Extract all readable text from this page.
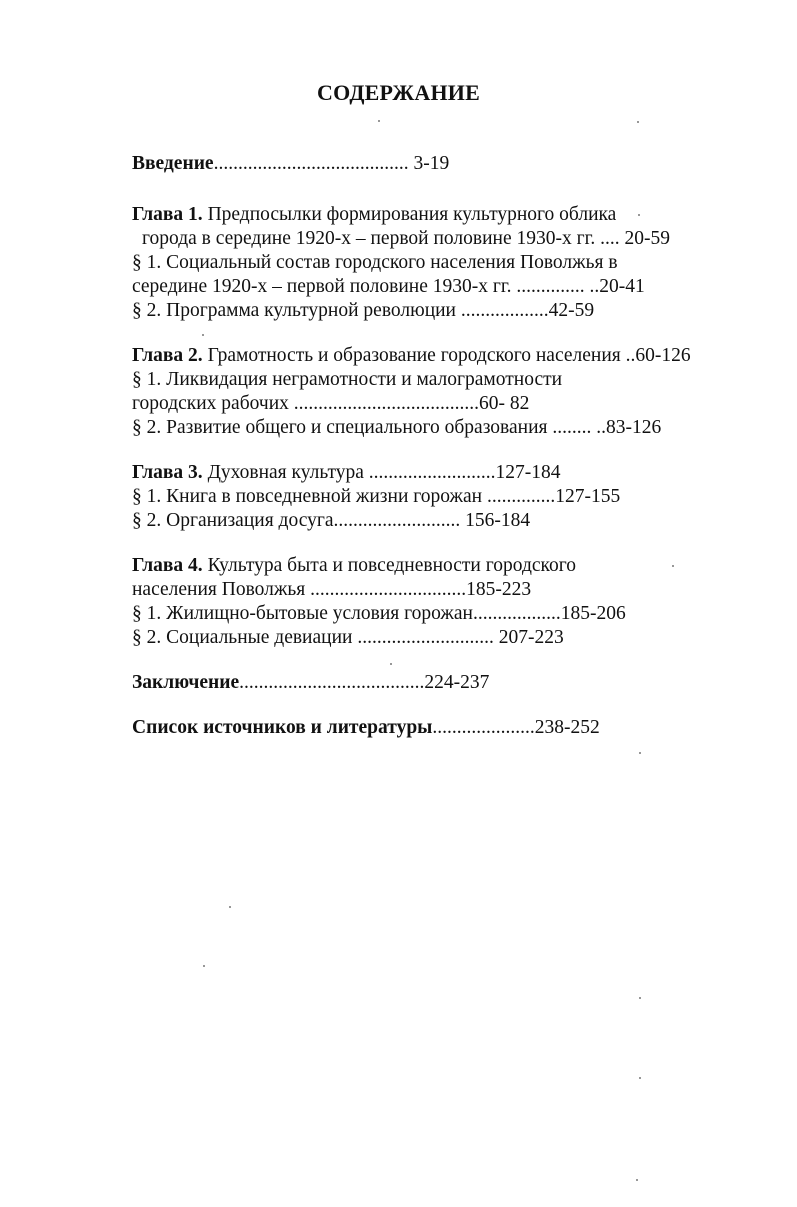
СОДЕРЖАНИЕ
Введение........................................ 3-19
Глава 1. Предпосылки формирования культурного облика
города в середине 1920-х – первой половине 1930-х гг. .... 20-59
§ 1. Социальный состав городского населения Поволжья в
середине 1920-х – первой половине 1930-х гг. .............. ..20-41
§ 2. Программа культурной революции ..................42-59
Глава 2. Грамотность и образование городского населения ..60-126
§ 1. Ликвидация неграмотности и малограмотности
городских рабочих ......................................60- 82
§ 2. Развитие общего и специального образования ........ ..83-126
Глава 3. Духовная культура ..........................127-184
§ 1. Книга в повседневной жизни горожан ..............127-155
§ 2. Организация досуга.......................... 156-184
Глава 4. Культура быта и повседневности городского
населения Поволжья ................................185-223
§ 1. Жилищно-бытовые условия горожан..................185-206
§ 2. Социальные девиации ............................ 207-223
Заключение......................................224-237
Список источников и литературы.....................238-252
